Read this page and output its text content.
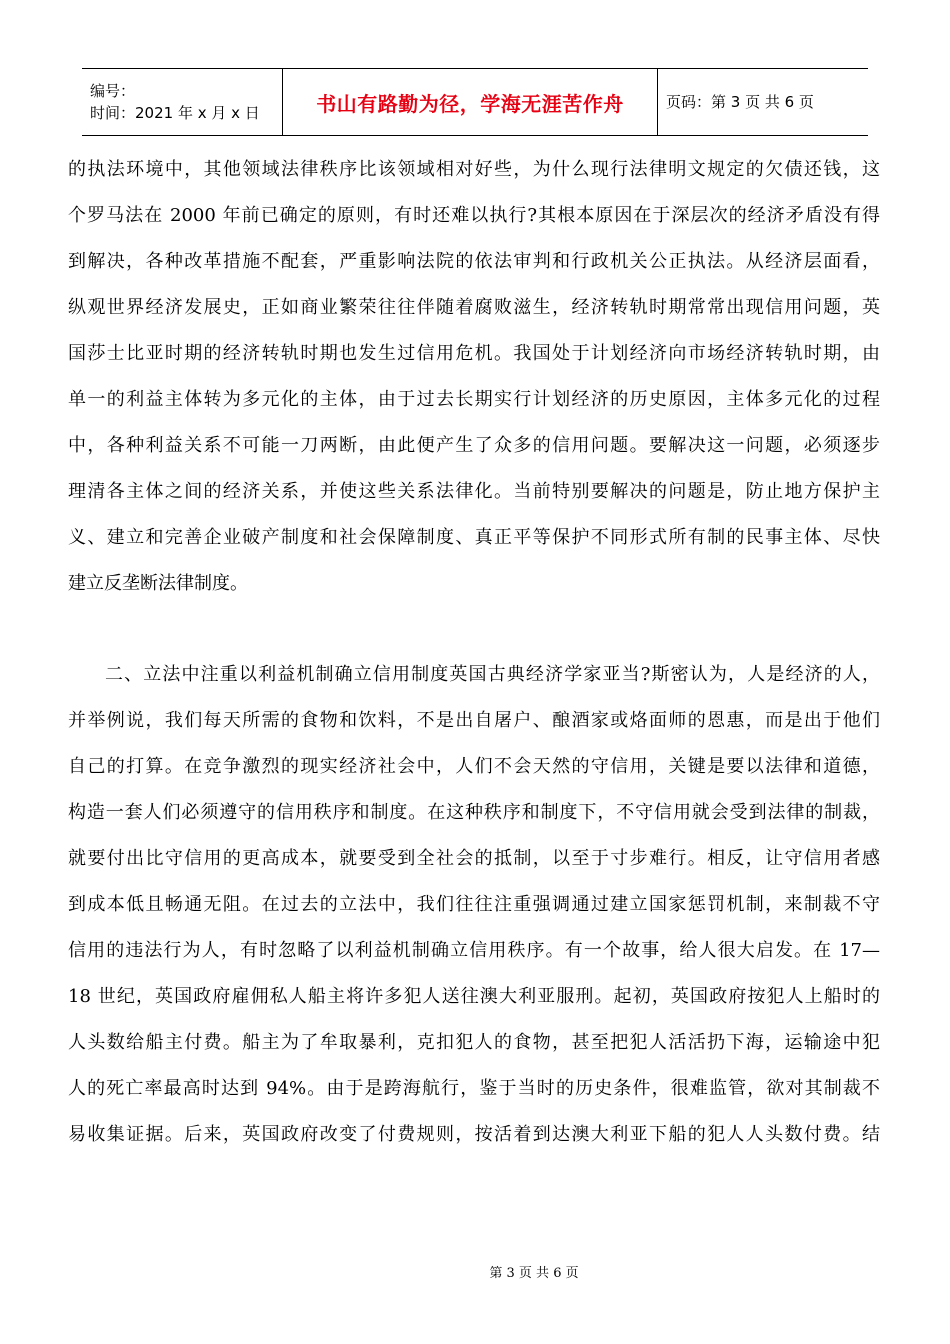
编号：
时间：2021 年 x 月 x 日	书山有路勤为径，学海无涯苦作舟	页码：第 3 页 共 6 页

的执法环境中，其他领域法律秩序比该领域相对好些，为什么现行法律明文规定的欠债还钱，这

个罗马法在 2000 年前已确定的原则，有时还难以执行?其根本原因在于深层次的经济矛盾没有得

到解决，各种改革措施不配套，严重影响法院的依法审判和行政机关公正执法。从经济层面看，

纵观世界经济发展史，正如商业繁荣往往伴随着腐败滋生，经济转轨时期常常出现信用问题，英

国莎士比亚时期的经济转轨时期也发生过信用危机。我国处于计划经济向市场经济转轨时期，由

单一的利益主体转为多元化的主体，由于过去长期实行计划经济的历史原因，主体多元化的过程

中，各种利益关系不可能一刀两断，由此便产生了众多的信用问题。要解决这一问题，必须逐步

理清各主体之间的经济关系，并使这些关系法律化。当前特别要解决的问题是，防止地方保护主

义、建立和完善企业破产制度和社会保障制度、真正平等保护不同形式所有制的民事主体、尽快

建立反垄断法律制度。

二、立法中注重以利益机制确立信用制度英国古典经济学家亚当?斯密认为，人是经济的人，

并举例说，我们每天所需的食物和饮料，不是出自屠户、酿酒家或烙面师的恩惠，而是出于他们

自己的打算。在竞争激烈的现实经济社会中，人们不会天然的守信用，关键是要以法律和道德，

构造一套人们必须遵守的信用秩序和制度。在这种秩序和制度下，不守信用就会受到法律的制裁，

就要付出比守信用的更高成本，就要受到全社会的抵制，以至于寸步难行。相反，让守信用者感

到成本低且畅通无阻。在过去的立法中，我们往往注重强调通过建立国家惩罚机制，来制裁不守

信用的违法行为人，有时忽略了以利益机制确立信用秩序。有一个故事，给人很大启发。在 17—

18 世纪，英国政府雇佣私人船主将许多犯人送往澳大利亚服刑。起初，英国政府按犯人上船时的

人头数给船主付费。船主为了牟取暴利，克扣犯人的食物，甚至把犯人活活扔下海，运输途中犯

人的死亡率最高时达到 94%。由于是跨海航行，鉴于当时的历史条件，很难监管，欲对其制裁不

易收集证据。后来，英国政府改变了付费规则，按活着到达澳大利亚下船的犯人人头数付费。结

第 3 页 共 6 页
